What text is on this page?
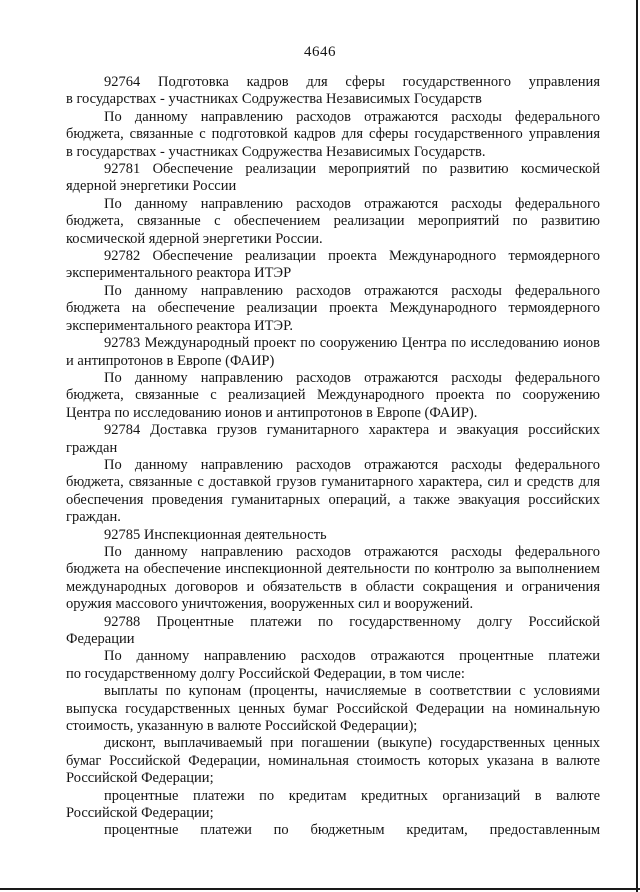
4646
92764 Подготовка кадров для сферы государственного управления
в государствах - участниках Содружества Независимых Государств
По данному направлению расходов отражаются расходы федерального
бюджета, связанные с подготовкой кадров для сферы государственного управления
в государствах - участниках Содружества Независимых Государств.
92781 Обеспечение реализации мероприятий по развитию космической
ядерной энергетики России
По данному направлению расходов отражаются расходы федерального
бюджета, связанные с обеспечением реализации мероприятий по развитию
космической ядерной энергетики России.
92782 Обеспечение реализации проекта Международного термоядерного
экспериментального реактора ИТЭР
По данному направлению расходов отражаются расходы федерального
бюджета на обеспечение реализации проекта Международного термоядерного
экспериментального реактора ИТЭР.
92783 Международный проект по сооружению Центра по исследованию ионов
и антипротонов в Европе (ФАИР)
По данному направлению расходов отражаются расходы федерального
бюджета, связанные с реализацией Международного проекта по сооружению
Центра по исследованию ионов и антипротонов в Европе (ФАИР).
92784 Доставка грузов гуманитарного характера и эвакуация российских
граждан
По данному направлению расходов отражаются расходы федерального
бюджета, связанные с доставкой грузов гуманитарного характера, сил и средств для
обеспечения проведения гуманитарных операций, а также эвакуация российских
граждан.
92785 Инспекционная деятельность
По данному направлению расходов отражаются расходы федерального
бюджета на обеспечение инспекционной деятельности по контролю за выполнением
международных договоров и обязательств в области сокращения и ограничения
оружия массового уничтожения, вооруженных сил и вооружений.
92788 Процентные платежи по государственному долгу Российской
Федерации
По данному направлению расходов отражаются процентные платежи
по государственному долгу Российской Федерации, в том числе:
выплаты по купонам (проценты, начисляемые в соответствии с условиями
выпуска государственных ценных бумаг Российской Федерации на номинальную
стоимость, указанную в валюте Российской Федерации);
дисконт, выплачиваемый при погашении (выкупе) государственных ценных
бумаг Российской Федерации, номинальная стоимость которых указана в валюте
Российской Федерации;
процентные платежи по кредитам кредитных организаций в валюте
Российской Федерации;
процентные платежи по бюджетным кредитам, предоставленным
